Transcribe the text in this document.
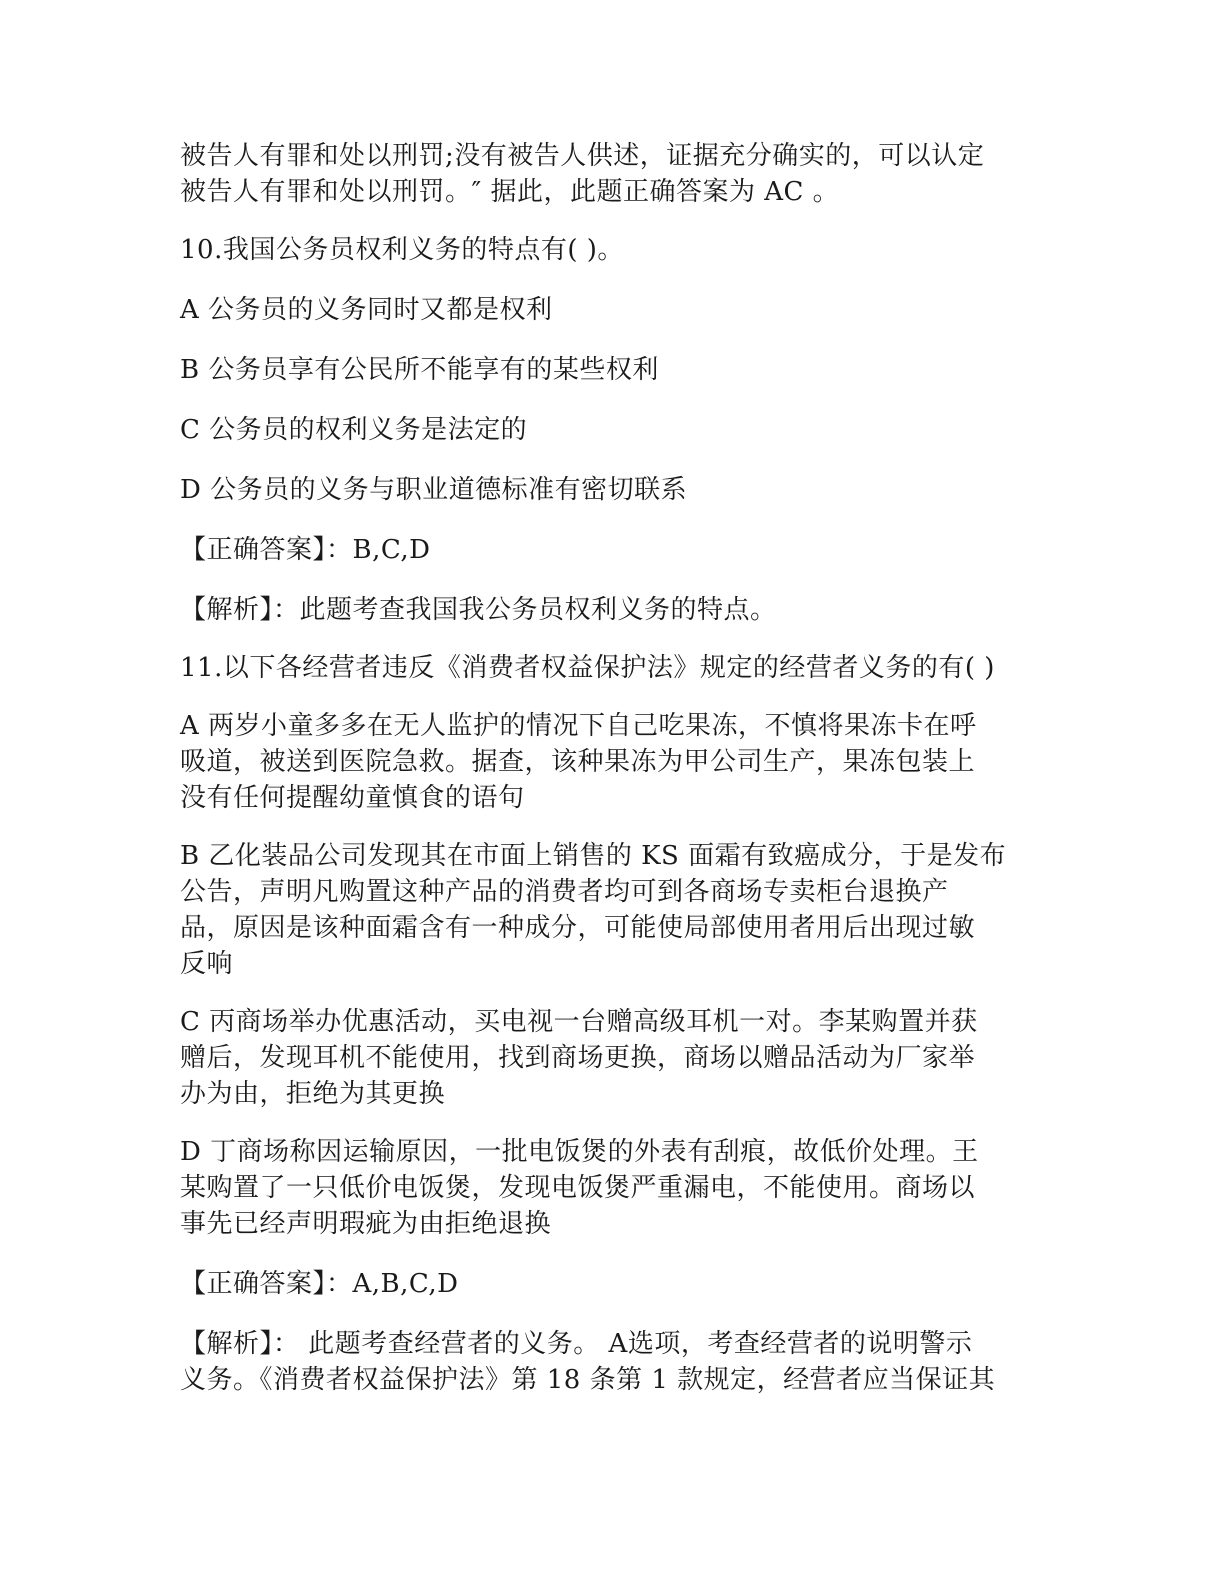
被告人有罪和处以刑罚;没有被告人供述，证据充分确实的，可以认定
被告人有罪和处以刑罚。″ 据此，此题正确答案为 AC 。

10.我国公务员权利义务的特点有( )。

A 公务员的义务同时又都是权利

B 公务员享有公民所不能享有的某些权利

C 公务员的权利义务是法定的

D 公务员的义务与职业道德标准有密切联系

【正确答案】：B,C,D

【解析】：此题考查我国我公务员权利义务的特点。

11.以下各经营者违反《消费者权益保护法》规定的经营者义务的有( )

A 两岁小童多多在无人监护的情况下自己吃果冻，不慎将果冻卡在呼
吸道，被送到医院急救。据查，该种果冻为甲公司生产，果冻包装上
没有任何提醒幼童慎食的语句

B 乙化装品公司发现其在市面上销售的 KS 面霜有致癌成分，于是发布
公告，声明凡购置这种产品的消费者均可到各商场专卖柜台退换产
品，原因是该种面霜含有一种成分，可能使局部使用者用后出现过敏
反响

C 丙商场举办优惠活动，买电视一台赠高级耳机一对。李某购置并获
赠后，发现耳机不能使用，找到商场更换，商场以赠品活动为厂家举
办为由，拒绝为其更换

D 丁商场称因运输原因，一批电饭煲的外表有刮痕，故低价处理。王
某购置了一只低价电饭煲，发现电饭煲严重漏电，不能使用。商场以
事先已经声明瑕疵为由拒绝退换

【正确答案】：A,B,C,D

【解析】： 此题考查经营者的义务。 A选项，考查经营者的说明警示
义务。《消费者权益保护法》第 18 条第 1 款规定，经营者应当保证其
